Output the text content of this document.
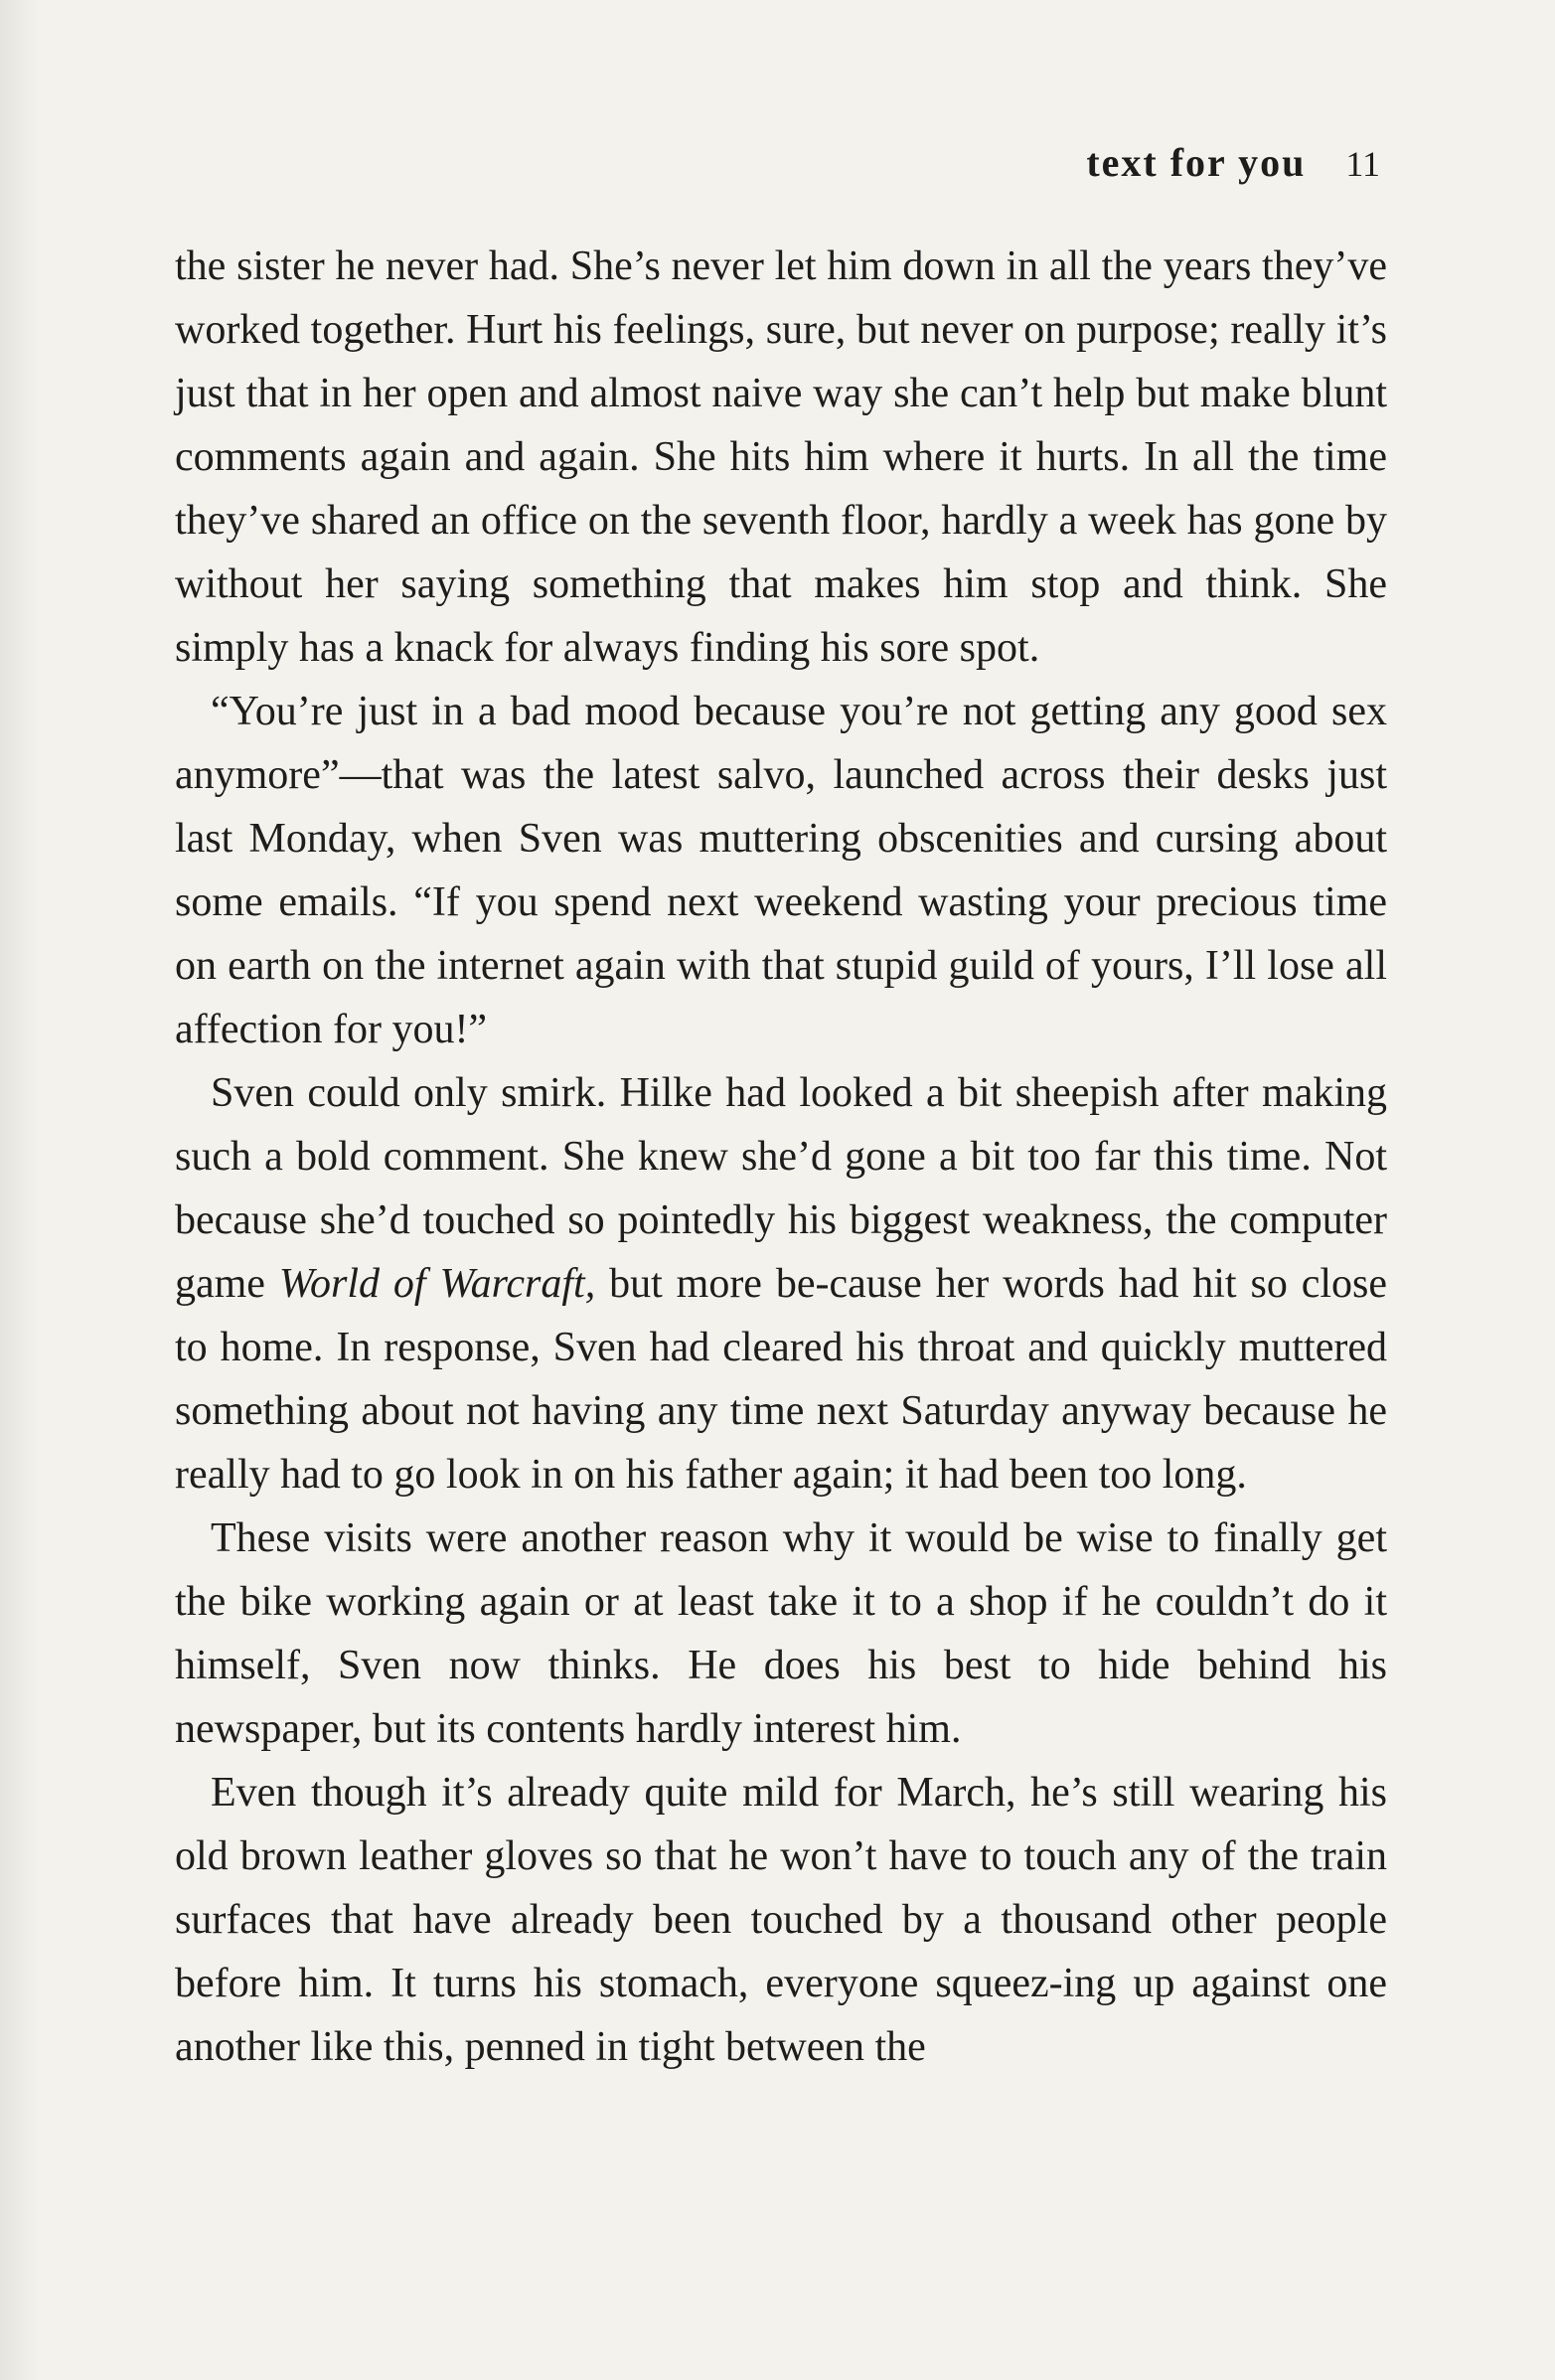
text for you 11

the sister he never had. She’s never let him down in all the years they’ve worked together. Hurt his feelings, sure, but never on purpose; really it’s just that in her open and almost naive way she can’t help but make blunt comments again and again. She hits him where it hurts. In all the time they’ve shared an office on the seventh floor, hardly a week has gone by without her saying something that makes him stop and think. She simply has a knack for always finding his sore spot.

“You’re just in a bad mood because you’re not getting any good sex anymore”—that was the latest salvo, launched across their desks just last Monday, when Sven was muttering obscenities and cursing about some emails. “If you spend next weekend wasting your precious time on earth on the internet again with that stupid guild of yours, I’ll lose all affection for you!”

Sven could only smirk. Hilke had looked a bit sheepish after making such a bold comment. She knew she’d gone a bit too far this time. Not because she’d touched so pointedly his biggest weakness, the computer game World of Warcraft, but more be-cause her words had hit so close to home. In response, Sven had cleared his throat and quickly muttered something about not having any time next Saturday anyway because he really had to go look in on his father again; it had been too long.

These visits were another reason why it would be wise to finally get the bike working again or at least take it to a shop if he couldn’t do it himself, Sven now thinks. He does his best to hide behind his newspaper, but its contents hardly interest him.

Even though it’s already quite mild for March, he’s still wearing his old brown leather gloves so that he won’t have to touch any of the train surfaces that have already been touched by a thousand other people before him. It turns his stomach, everyone squeez-ing up against one another like this, penned in tight between the
